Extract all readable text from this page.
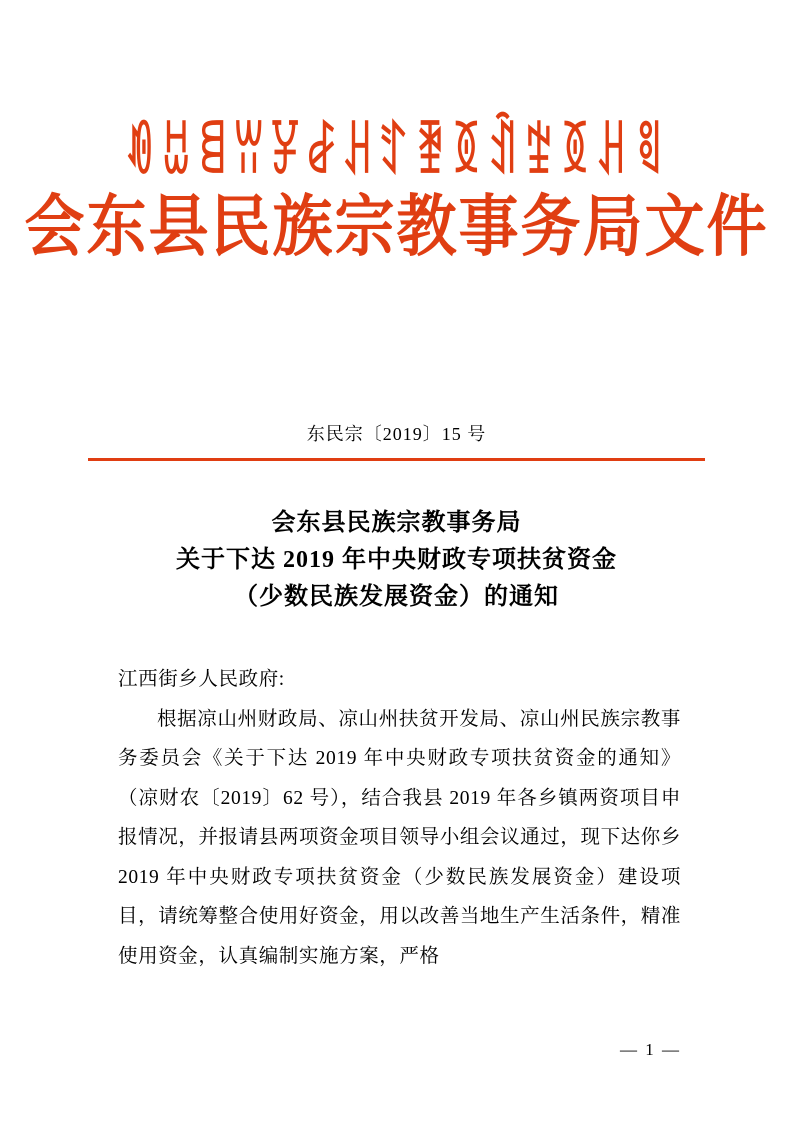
ꀑꀠꁌꀕꐯꆀꃅꄸꄿꅉꀉꄹꅉꃅꑠ
会东县民族宗教事务局文件
东民宗〔2019〕15 号
会东县民族宗教事务局
关于下达 2019 年中央财政专项扶贫资金
（少数民族发展资金）的通知

江西街乡人民政府:

根据凉山州财政局、凉山州扶贫开发局、凉山州民族宗教事务委员会《关于下达 2019 年中央财政专项扶贫资金的通知》（凉财农〔2019〕62 号），结合我县 2019 年各乡镇两资项目申报情况，并报请县两项资金项目领导小组会议通过，现下达你乡 2019 年中央财政专项扶贫资金（少数民族发展资金）建设项目，请统筹整合使用好资金，用以改善当地生产生活条件，精准使用资金，认真编制实施方案，严格

— 1 —
